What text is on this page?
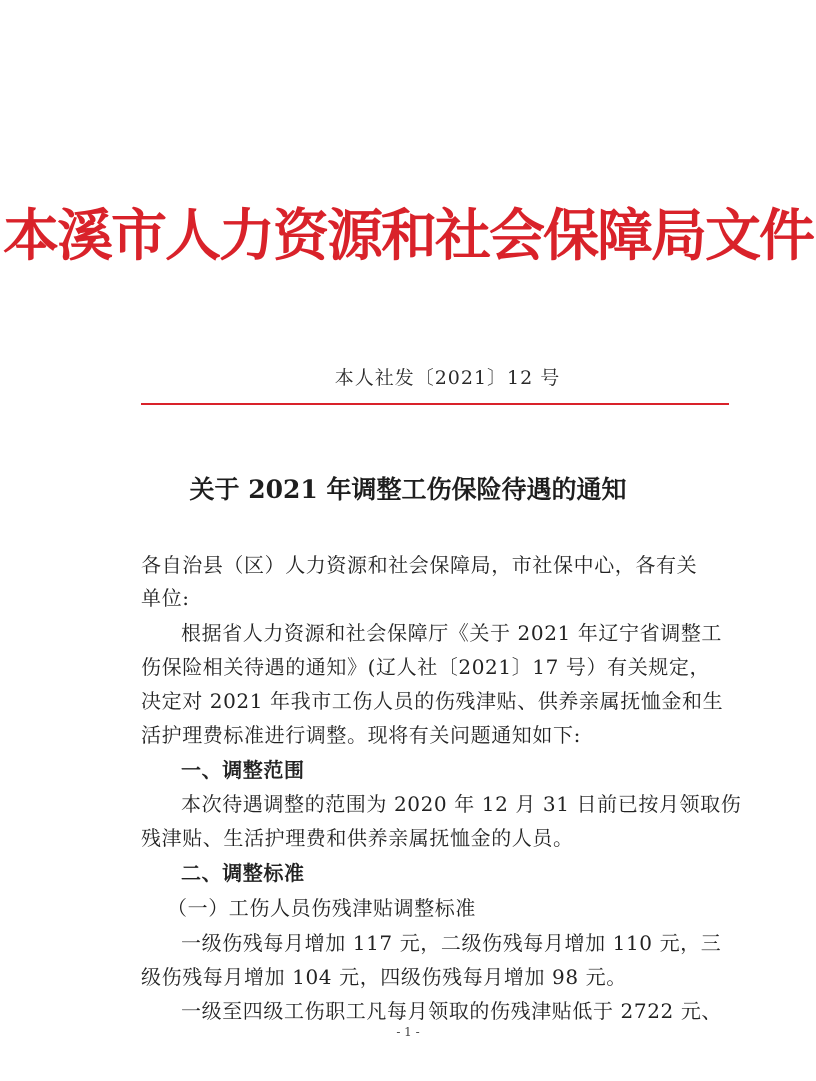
本溪市人力资源和社会保障局文件
本人社发〔2021〕12 号
关于 2021 年调整工伤保险待遇的通知
各自治县（区）人力资源和社会保障局，市社保中心，各有关
单位:
根据省人力资源和社会保障厅《关于 2021 年辽宁省调整工
伤保险相关待遇的通知》(辽人社〔2021〕17 号）有关规定，
决定对 2021 年我市工伤人员的伤残津贴、供养亲属抚恤金和生
活护理费标准进行调整。现将有关问题通知如下:
一、调整范围
本次待遇调整的范围为 2020 年 12 月 31 日前已按月领取伤
残津贴、生活护理费和供养亲属抚恤金的人员。
二、调整标准
（一）工伤人员伤残津贴调整标准
一级伤残每月增加 117 元，二级伤残每月增加 110 元，三
级伤残每月增加 104 元，四级伤残每月增加 98 元。
一级至四级工伤职工凡每月领取的伤残津贴低于 2722 元、
- 1 -
